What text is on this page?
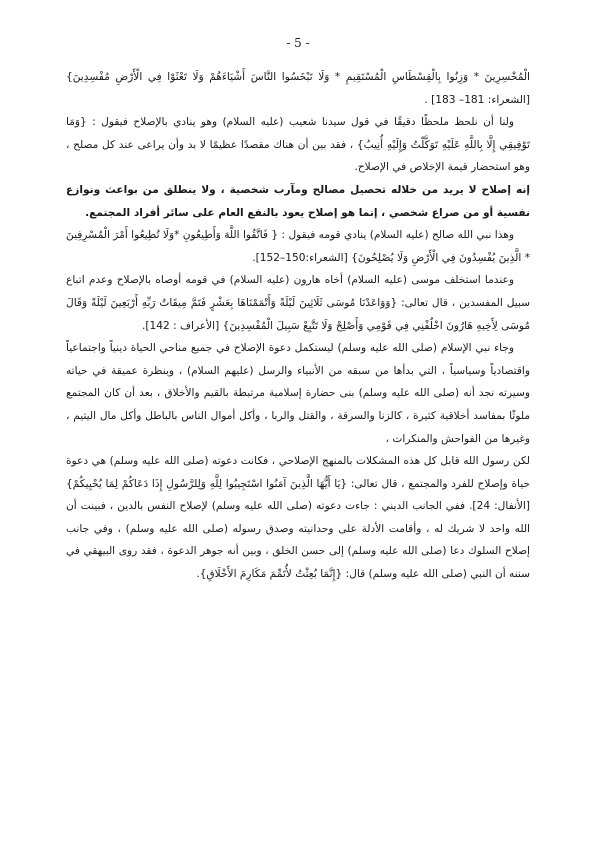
- 5 -

الْمُخْسِرِينَ * وَزِنُوا بِالْقِسْطَاسِ الْمُسْتَقِيمِ * وَلَا تَبْخَسُوا النَّاسَ أَشْيَاءَهُمْ وَلَا تَعْثَوْا فِي الْأَرْضِ مُفْسِدِينَ} [الشعراء: 181– 183] .

ولنا أن نلحظ ملحظًا دقيقًا في قول سيدنا شعيب (عليه السلام) وهو ينادي بالإصلاح فيقول : {وَمَا تَوْفِيقِي إِلَّا بِاللَّهِ عَلَيْهِ تَوَكَّلْتُ وَإِلَيْهِ أُنِيبُ} ، فقد بين أن هناك مقصدًا عظيمًا لا بد وأن يراعى عند كل مصلح ، وهو استحضار قيمة الإخلاص في الإصلاح.

إنه إصلاح لا يريد من خلاله تحصيل مصالح ومآرب شخصية ، ولا ينطلق من بواعث ونوازع نفسية أو من صراع شخصي ، إنما هو إصلاح يعود بالنفع العام على سائر أفراد المجتمع.

وهذا نبي الله صالح (عليه السلام) ينادي قومه فيقول : { فَاتَّقُوا اللَّهَ وَأَطِيعُونِ *وَلَا تُطِيعُوا أَمْرَ الْمُسْرِفِينَ * الَّذِينَ يُفْسِدُونَ فِي الْأَرْضِ وَلَا يُصْلِحُونَ} [الشعراء:150–152].

وعندما استخلف موسى (عليه السلام) أخاه هارون (عليه السلام) في قومه أوصاه بالإصلاح وعدم اتباع سبيل المفسدين ، قال تعالى: {وَوَاعَدْنَا مُوسَى ثَلَاثِينَ لَيْلَةً وَأَتْمَمْنَاهَا بِعَشْرٍ فَتَمَّ مِيقَاتُ رَبِّهِ أَرْبَعِينَ لَيْلَةً وَقَالَ مُوسَى لِأَخِيهِ هَارُونَ اخْلُفْنِي فِي قَوْمِي وَأَصْلِحْ وَلَا تَتَّبِعْ سَبِيلَ الْمُفْسِدِينَ} [الأعراف : 142].

وجاء نبي الإسلام (صلى الله عليه وسلم) ليستكمل دعوة الإصلاح في جميع مناحي الحياة دينياً واجتماعياً واقتصادياً وسياسياً ، التي بدأها من سبقه من الأنبياء والرسل (عليهم السلام) ، وبنظرة عميقة في حياته وسيرته نجد أنه (صلى الله عليه وسلم) بنى حضارة إسلامية مرتبطة بالقيم والأخلاق ، بعد أن كان المجتمع ملوثًا بمفاسد أخلاقية كثيرة ، كالزنا والسرقة ، والقتل والربا ، وأكل أموال الناس بالباطل وأكل مال اليتيم ، وغيرها من الفواحش والمنكرات ،

لكن رسول الله قابل كل هذه المشكلات بالمنهج الإصلاحي ، فكانت دعوته (صلى الله عليه وسلم) هي دعوة حياة وإصلاح للفرد والمجتمع ، قال تعالى: {يَا أَيُّهَا الَّذِينَ آمَنُوا اسْتَجِيبُوا لِلَّهِ وَلِلرَّسُولِ إِذَا دَعَاكُمْ لِمَا يُحْيِيكُمْ} [الأنفال: 24]. ففي الجانب الديني : جاءت دعوته (صلى الله عليه وسلم) لإصلاح النفس بالدين ، فبينت أن الله واحد لا شريك له ، وأقامت الأدلة على وحدانيته وصدق رسوله (صلى الله عليه وسلم) ، وفي جانب إصلاح السلوك دعا (صلى الله عليه وسلم) إلى حسن الخلق ، وبين أنه جوهر الدعوة ، فقد روى البيهقي في سننه أن النبي (صلى الله عليه وسلم) قال: {إِنَّمَا بُعِثْتُ لأُتَمِّمَ مَكَارِمَ الأَخْلَاقِ}.
